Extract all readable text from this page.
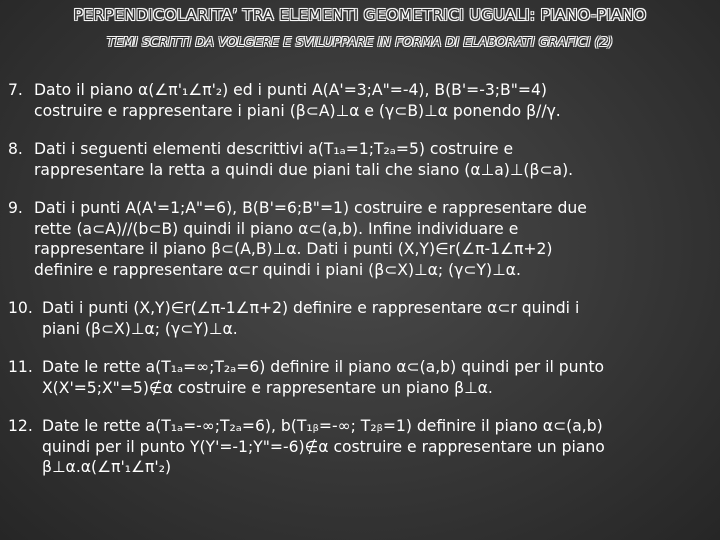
PERPENDICOLARITA’ TRA ELEMENTI GEOMETRICI UGUALI: PIANO-PIANO
TEMI SCRITTI DA VOLGERE E SVILUPPARE IN FORMA DI ELABORATI GRAFICI (2)
7. Dato il piano α(∠π'₁∠π'₂) ed i punti A(A'=3;A"=-4), B(B'=-3;B"=4)
costruire e rappresentare i piani (β⊂A)⊥α e (γ⊂B)⊥α ponendo β//γ.
8. Dati i seguenti elementi descrittivi a(T₁ₐ=1;T₂ₐ=5) costruire e
rappresentare la retta a quindi due piani tali che siano (α⊥a)⊥(β⊂a).
9. Dati i punti A(A'=1;A"=6), B(B'=6;B"=1) costruire e rappresentare due
rette (a⊂A)//(b⊂B) quindi il piano α⊂(a,b). Infine individuare e
rappresentare il piano β⊂(A,B)⊥α. Dati i punti (X,Y)∈r(∠π-1∠π+2)
definire e rappresentare α⊂r quindi i piani (β⊂X)⊥α; (γ⊂Y)⊥α.
10. Dati i punti (X,Y)∈r(∠π-1∠π+2) definire e rappresentare α⊂r quindi i
piani (β⊂X)⊥α; (γ⊂Y)⊥α.
11. Date le rette a(T₁ₐ=∞;T₂ₐ=6) definire il piano α⊂(a,b) quindi per il punto
X(X'=5;X"=5)∉α costruire e rappresentare un piano β⊥α.
12. Date le rette a(T₁ₐ=-∞;T₂ₐ=6), b(T₁ᵦ=-∞; T₂ᵦ=1) definire il piano α⊂(a,b)
quindi per il punto Y(Y'=-1;Y"=-6)∉α costruire e rappresentare un piano
β⊥α.α(∠π'₁∠π'₂)
